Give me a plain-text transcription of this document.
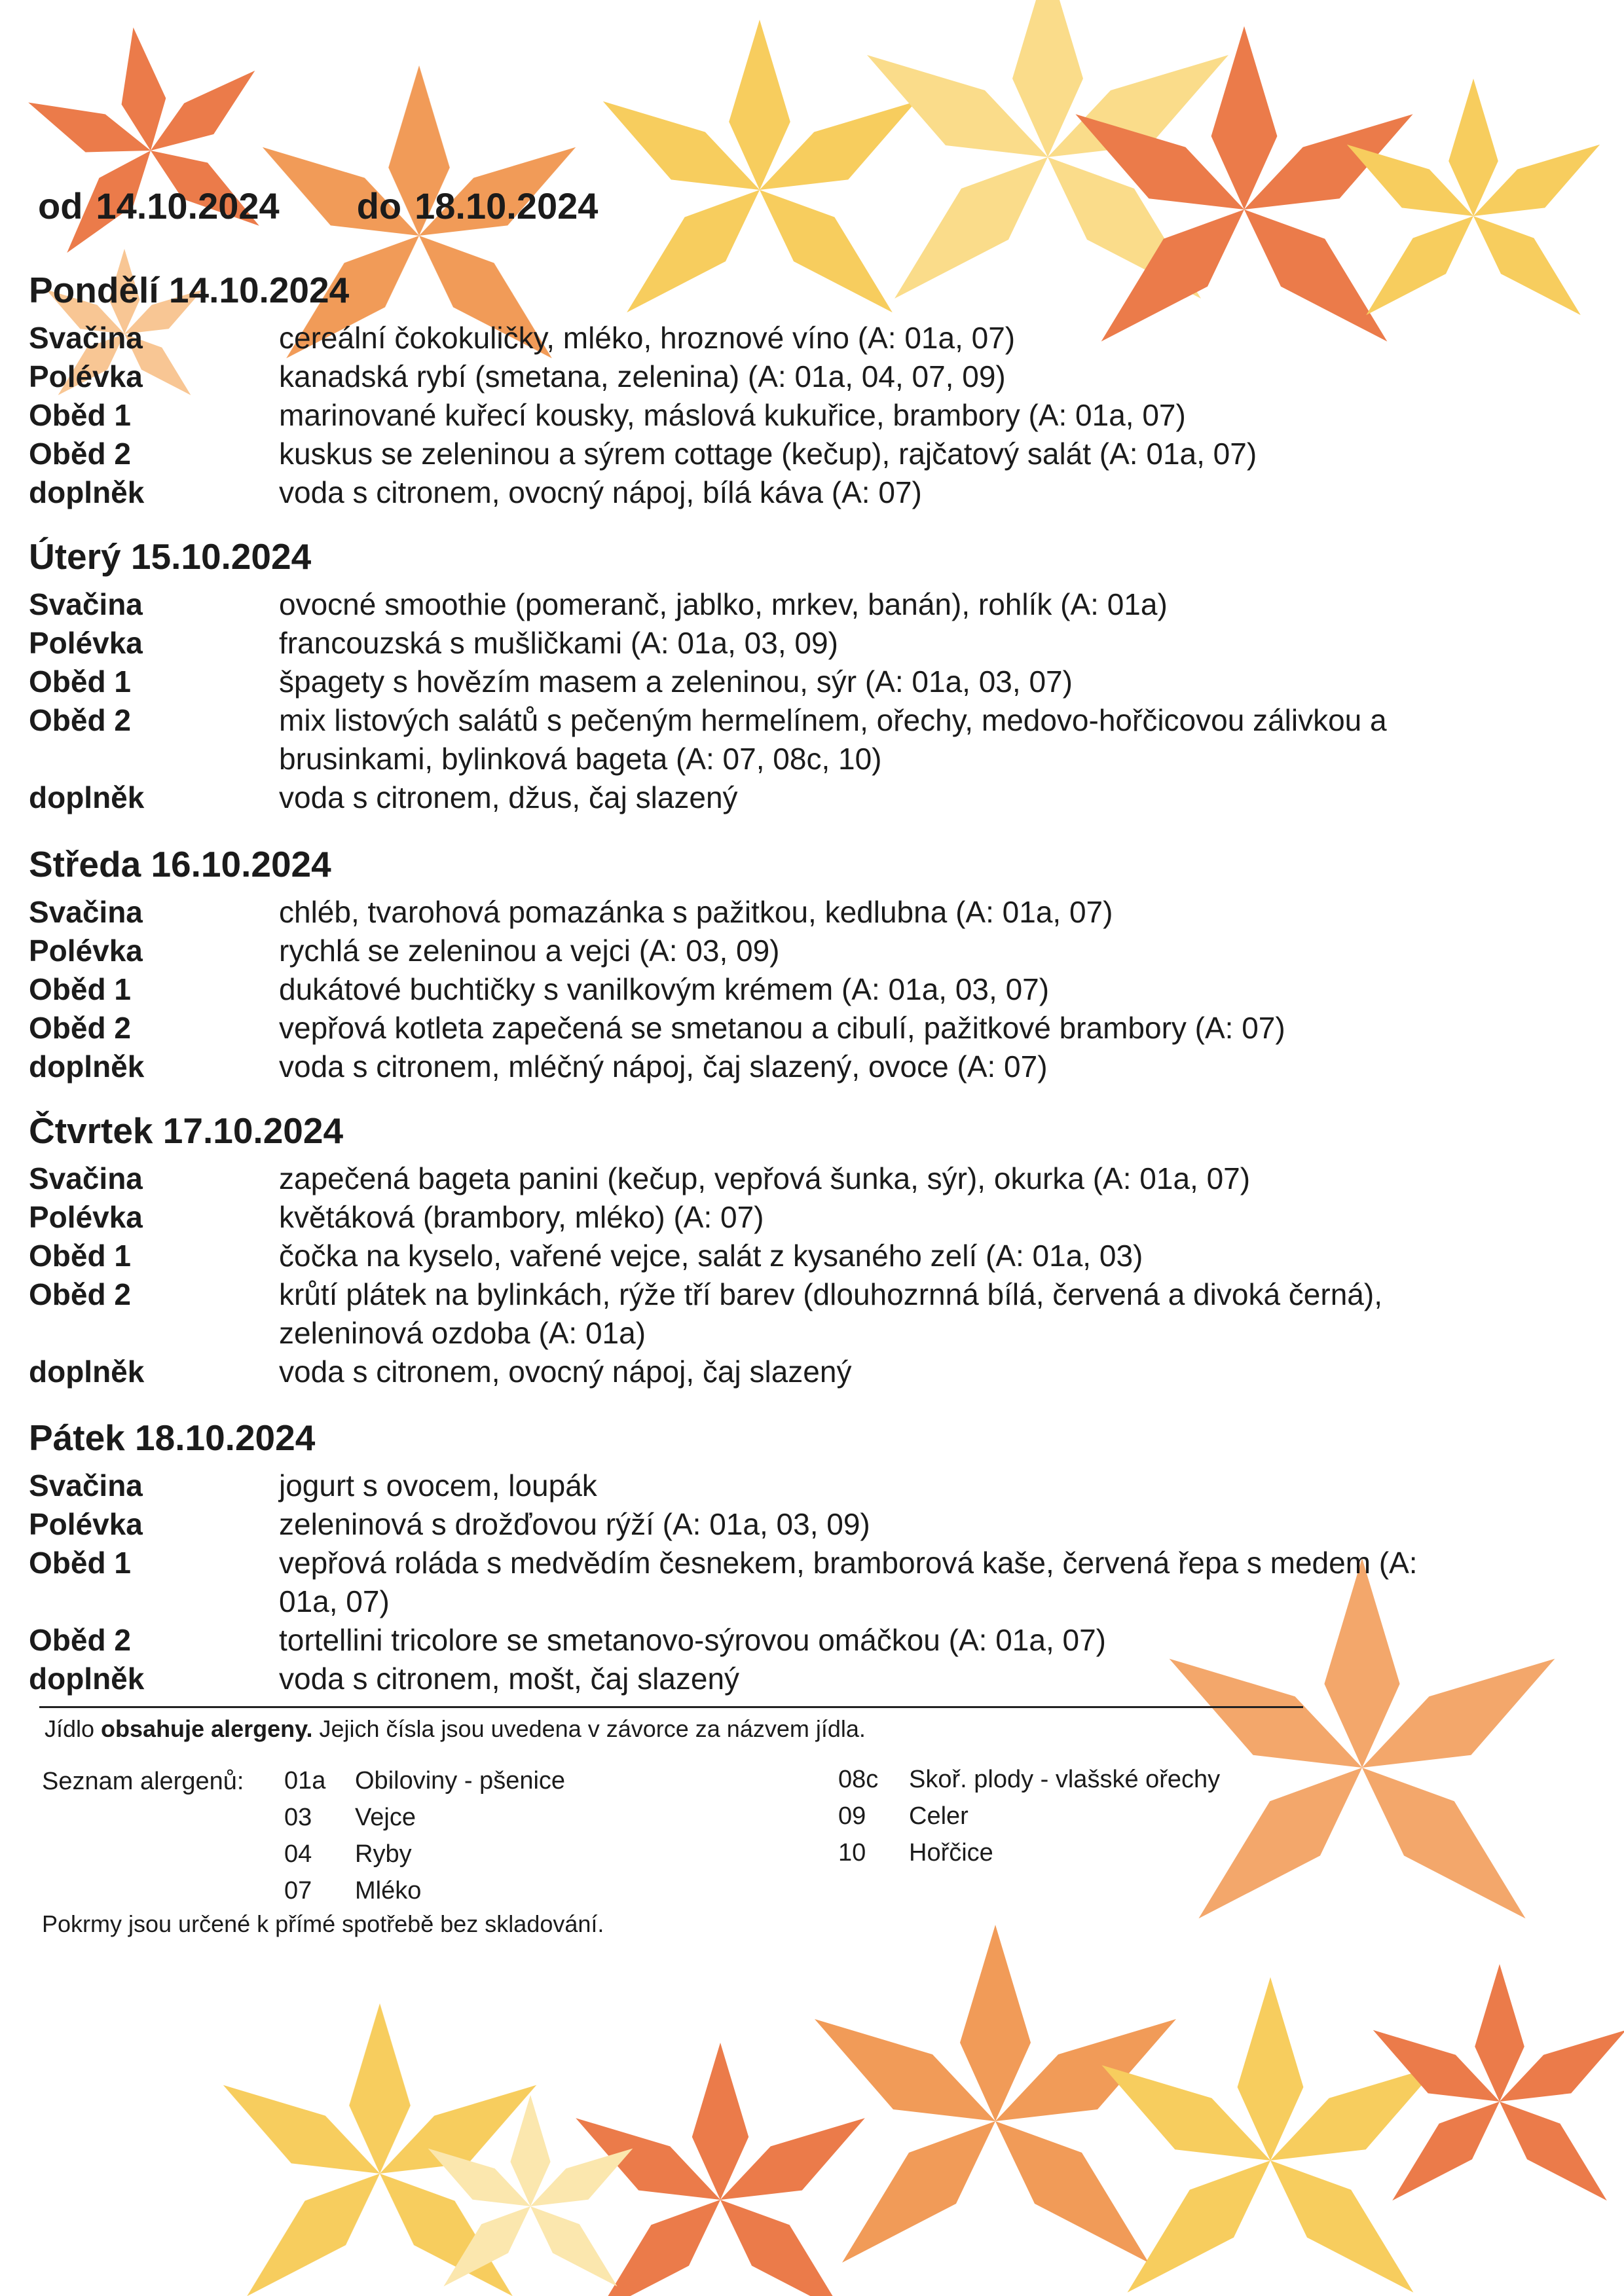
od 14.10.2024 do 18.10.2024
Pondělí 14.10.2024
Svačina	cereální čokokuličky, mléko, hroznové víno (A: 01a, 07)
Polévka	kanadská rybí (smetana, zelenina) (A: 01a, 04, 07, 09)
Oběd 1	marinované kuřecí kousky, máslová kukuřice, brambory (A: 01a, 07)
Oběd 2	kuskus se zeleninou a sýrem cottage (kečup), rajčatový salát (A: 01a, 07)
doplněk	voda s citronem, ovocný nápoj, bílá káva (A: 07)
Úterý 15.10.2024
Svačina	ovocné smoothie (pomeranč, jablko, mrkev, banán), rohlík (A: 01a)
Polévka	francouzská s mušličkami (A: 01a, 03, 09)
Oběd 1	špagety s hovězím masem a zeleninou, sýr (A: 01a, 03, 07)
Oběd 2	mix listových salátů s pečeným hermelínem, ořechy, medovo-hořčicovou zálivkou a brusinkami, bylinková bageta (A: 07, 08c, 10)
doplněk	voda s citronem, džus, čaj slazený
Středa 16.10.2024
Svačina	chléb, tvarohová pomazánka s pažitkou, kedlubna (A: 01a, 07)
Polévka	rychlá se zeleninou a vejci (A: 03, 09)
Oběd 1	dukátové buchtičky s vanilkovým krémem (A: 01a, 03, 07)
Oběd 2	vepřová kotleta zapečená se smetanou a cibulí, pažitkové brambory (A: 07)
doplněk	voda s citronem, mléčný nápoj, čaj slazený, ovoce (A: 07)
Čtvrtek 17.10.2024
Svačina	zapečená bageta panini (kečup, vepřová šunka, sýr), okurka (A: 01a, 07)
Polévka	květáková (brambory, mléko) (A: 07)
Oběd 1	čočka na kyselo, vařené vejce, salát z kysaného zelí (A: 01a, 03)
Oběd 2	krůtí plátek na bylinkách, rýže tří barev (dlouhozrnná bílá, červená a divoká černá), zeleninová ozdoba (A: 01a)
doplněk	voda s citronem, ovocný nápoj, čaj slazený
Pátek 18.10.2024
Svačina	jogurt s ovocem, loupák
Polévka	zeleninová s drožďovou rýží (A: 01a, 03, 09)
Oběd 1	vepřová roláda s medvědím česnekem, bramborová kaše, červená řepa s medem (A: 01a, 07)
Oběd 2	tortellini tricolore se smetanovo-sýrovou omáčkou (A: 01a, 07)
doplněk	voda s citronem, mošt, čaj slazený
Jídlo obsahuje alergeny. Jejich čísla jsou uvedena v závorce za názvem jídla.
Seznam alergenů: 01a	Obiloviny - pšenice
03	Vejce
04	Ryby
07	Mléko
08c	Skoř. plody - vlašské ořechy
09	Celer
10	Hořčice
Pokrmy jsou určené k přímé spotřebě bez skladování.
